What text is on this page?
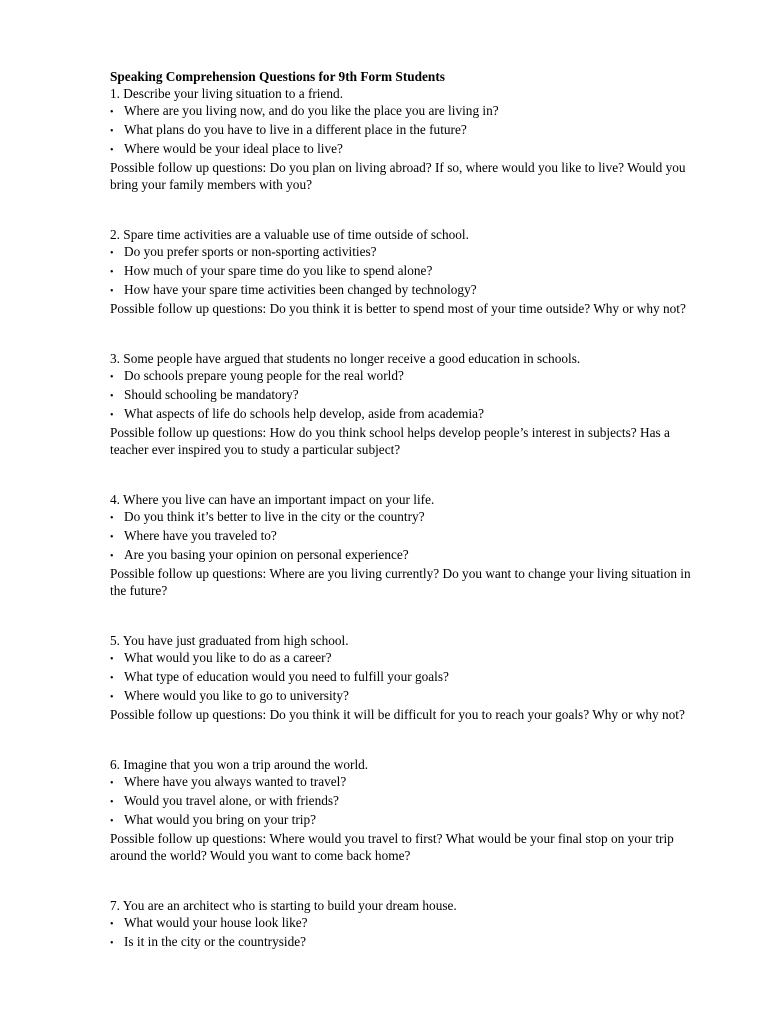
Speaking Comprehension Questions for 9th Form Students
1. Describe your living situation to a friend.
• Where are you living now, and do you like the place you are living in?
• What plans do you have to live in a different place in the future?
• Where would be your ideal place to live?
Possible follow up questions: Do you plan on living abroad? If so, where would you like to live? Would you bring your family members with you?
2. Spare time activities are a valuable use of time outside of school.
• Do you prefer sports or non-sporting activities?
• How much of your spare time do you like to spend alone?
• How have your spare time activities been changed by technology?
Possible follow up questions: Do you think it is better to spend most of your time outside? Why or why not?
3. Some people have argued that students no longer receive a good education in schools.
• Do schools prepare young people for the real world?
• Should schooling be mandatory?
• What aspects of life do schools help develop, aside from academia?
Possible follow up questions: How do you think school helps develop people’s interest in subjects? Has a teacher ever inspired you to study a particular subject?
4. Where you live can have an important impact on your life.
• Do you think it’s better to live in the city or the country?
• Where have you traveled to?
• Are you basing your opinion on personal experience?
Possible follow up questions: Where are you living currently? Do you want to change your living situation in the future?
5. You have just graduated from high school.
• What would you like to do as a career?
• What type of education would you need to fulfill your goals?
• Where would you like to go to university?
Possible follow up questions: Do you think it will be difficult for you to reach your goals? Why or why not?
6. Imagine that you won a trip around the world.
• Where have you always wanted to travel?
• Would you travel alone, or with friends?
• What would you bring on your trip?
Possible follow up questions: Where would you travel to first? What would be your final stop on your trip around the world? Would you want to come back home?
7. You are an architect who is starting to build your dream house.
• What would your house look like?
• Is it in the city or the countryside?
